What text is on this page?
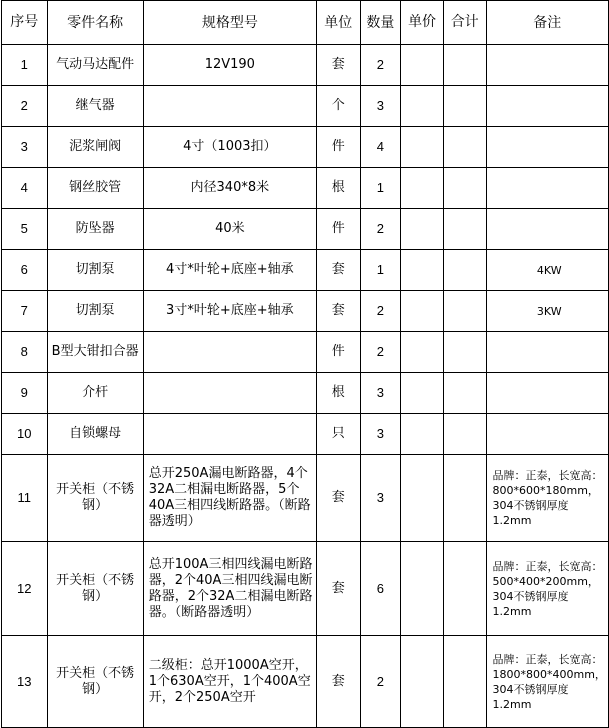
序号	零件名称	规格型号	单位	数量	单价	合计	备注
1	气动马达配件	12V190	套	2			
2	继气器		个	3			
3	泥浆闸阀	4寸（1003扣）	件	4			
4	钢丝胶管	内径340*8米	根	1			
5	防坠器	40米	件	2			
6	切割泵	4寸*叶轮+底座+轴承	套	1			4KW
7	切割泵	3寸*叶轮+底座+轴承	套	2			3KW
8	B型大钳扣合器		件	2			
9	介杆		根	3			
10	自锁螺母		只	3			
11	开关柜（不锈钢）	总开250A漏电断路器，4个32A二相漏电断路器，5个40A三相四线断路器。（断路器透明）	套	3			品牌：正泰，长宽高：800*600*180mm，304不锈钢厚度1.2mm
12	开关柜（不锈钢）	总开100A三相四线漏电断路器，2个40A三相四线漏电断路器，2个32A二相漏电断路器。（断路器透明）	套	6			品牌：正泰，长宽高：500*400*200mm，304不锈钢厚度1.2mm
13	开关柜（不锈钢）	二级柜：总开1000A空开，1个630A空开，1个400A空开，2个250A空开	套	2			品牌：正泰，长宽高：1800*800*400mm，304不锈钢厚度1.2mm
